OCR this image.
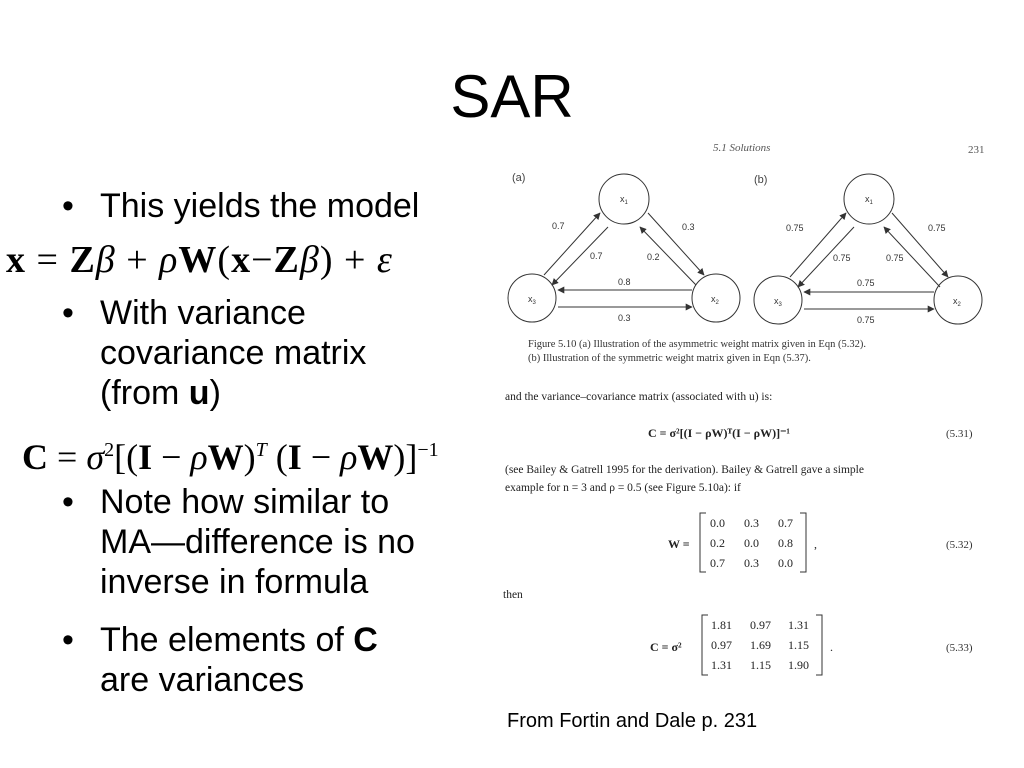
SAR
• This yields the model
x = Zβ + ρW(x−Zβ) + ε
• With variance
covariance matrix
(from u)
$C = \sigma^2[(I - \rho W)^T$ (I − ρW)]$^{-1}$
• Note how similar to
MA—difference is no
inverse in formula
• The elements of C
are variances
5.1 Solutions	231
(a)
$x_1$
$x_3$	$x_2$
0.7
0.7
0.3
0.2
0.8
0.3
(b)
$x_1$
$x_3$	$x_2$
0.75
0.75
0.75
0.75
0.75
0.75
Figure 5.10 (a) Illustration of the asymmetric weight matrix given in Eqn (5.32).
(b) Illustration of the symmetric weight matrix given in Eqn (5.37).
and the variance–covariance matrix (associated with u) is:
C = σ²[(I − ρW)ᵀ(I − ρW)]⁻¹	(5.31)
(see Bailey & Gatrell 1995 for the derivation). Bailey & Gatrell gave a simple
example for n = 3 and ρ = 0.5 (see Figure 5.10a): if
W =
0.0 0.3 0.7
0.2 0.0 0.8
0.7 0.3 0.0
,	(5.32)
then
C = σ²
1.81 0.97 1.31
0.97 1.69 1.15
1.31 1.15 1.90
.	(5.33)
From Fortin and Dale p. 231
